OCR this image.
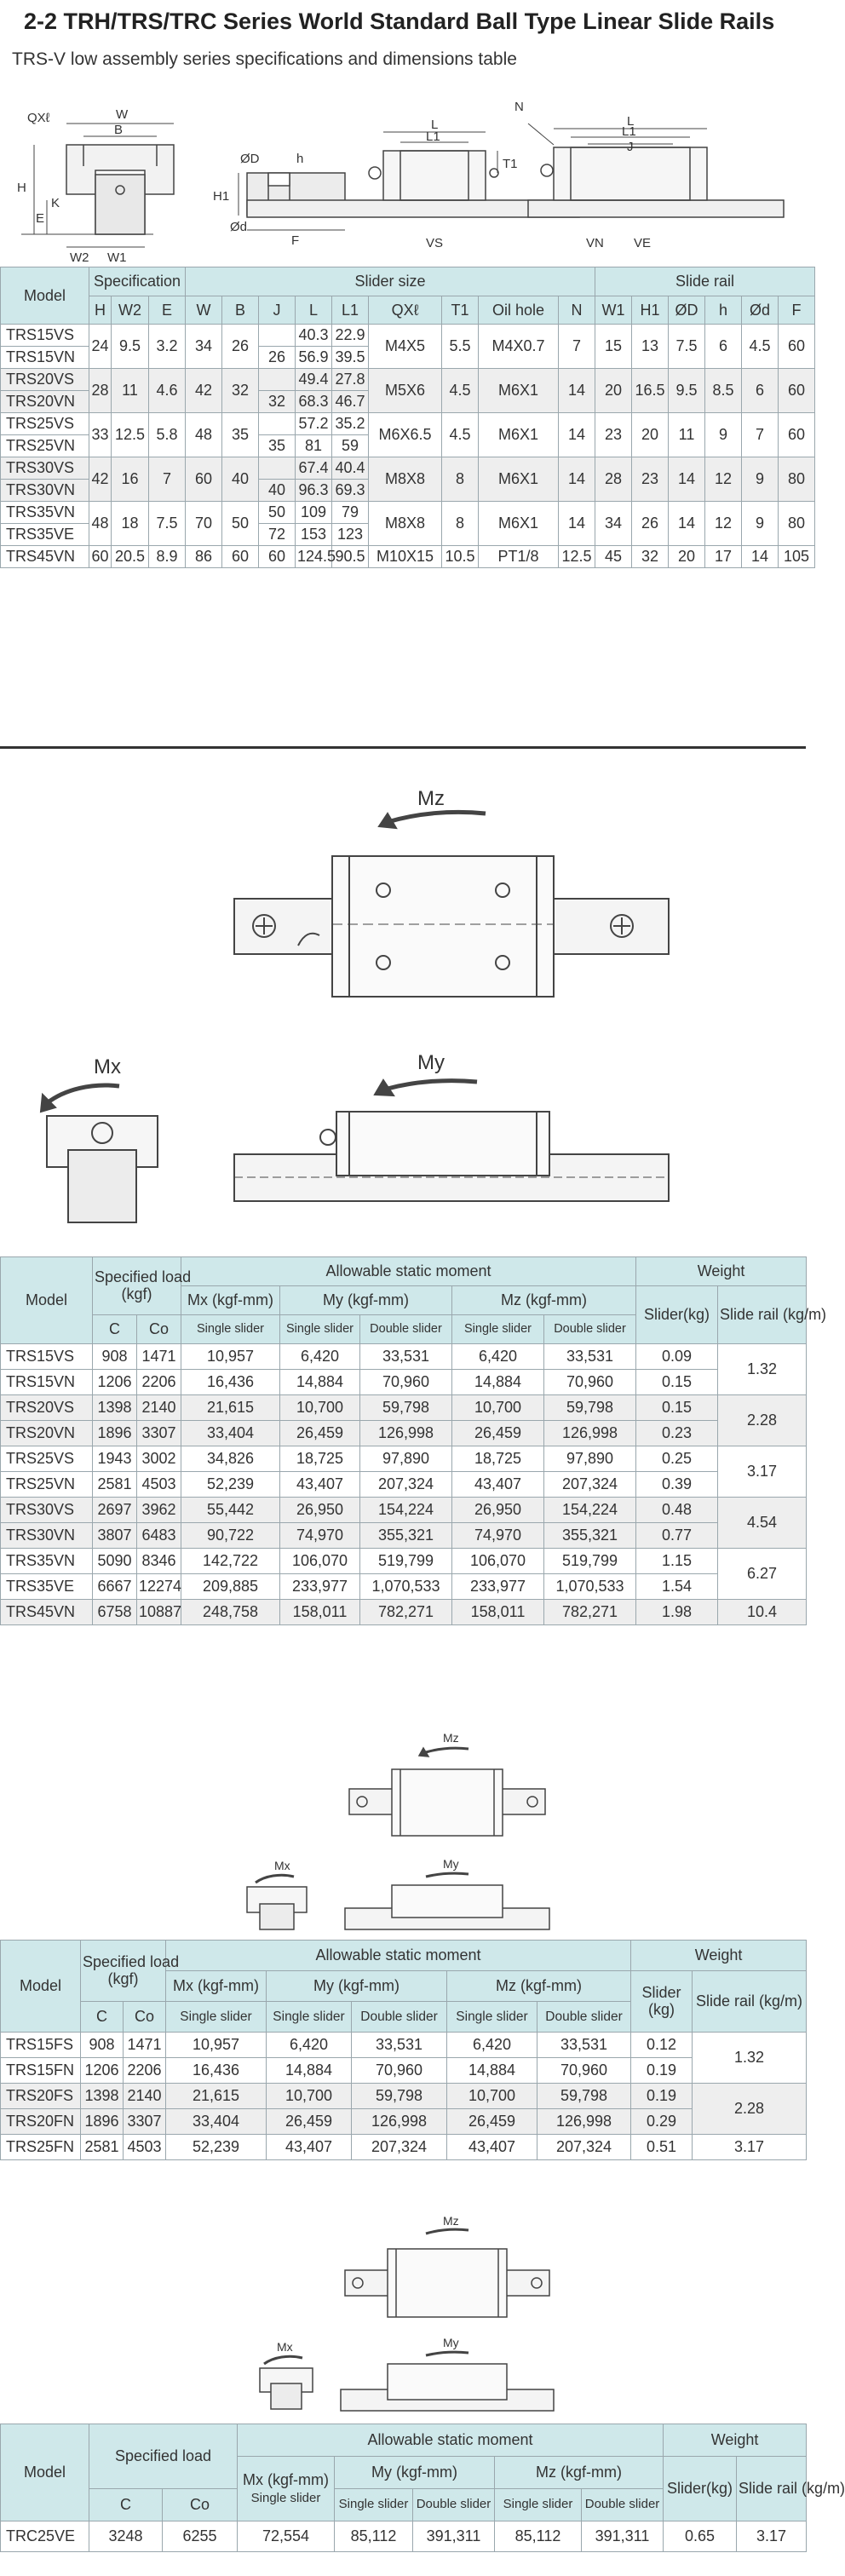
2-2 TRH/TRS/TRC Series World Standard Ball Type Linear Slide Rails
TRS-V low assembly series specifications and dimensions table
QXℓ	W
B
H
K
E
W2 W1
ØD	h
H1
Ød
F
L
L1
T1
VS
N
L
L1
J
VN VE
Model	Specification			Slider size									Slide rail					
	H	W2	E	W	B	J	L	L1	QXℓ	T1	Oil hole	N	W1	H1	ØD	h	Ød	F
TRS15VS	24	9.5	3.2	34	26		40.3	22.9	M4X5	5.5	M4X0.7	7	15	13	7.5	6	4.5	60
TRS15VN						26	56.9	39.5										
TRS20VS	28	11	4.6	42	32		49.4	27.8	M5X6	4.5	M6X1	14	20	16.5	9.5	8.5	6	60
TRS20VN						32	68.3	46.7										
TRS25VS	33	12.5	5.8	48	35		57.2	35.2	M6X6.5	4.5	M6X1	14	23	20	11	9	7	60
TRS25VN						35	81	59										
TRS30VS	42	16	7	60	40		67.4	40.4	M8X8	8	M6X1	14	28	23	14	12	9	80
TRS30VN						40	96.3	69.3										
TRS35VN	48	18	7.5	70	50	50	109	79	M8X8	8	M6X1	14	34	26	14	12	9	80
TRS35VE						72	153	123										
TRS45VN	60	20.5	8.9	86	60	60	124.5	90.5	M10X15	10.5	PT1/8	12.5	45	32	20	17	14	105
Mz
Mx	My
Model	Specified load
(kgf)		Allowable static moment					Weight	
			Mx (kgf-mm)	My (kgf-mm)		Mz (kgf-mm)		Slider(kg)	Slide rail (kg/m)
	C	Co	Single slider	Single slider	Double slider	Single slider	Double slider		
TRS15VS	908	1471	10,957	6,420	33,531	6,420	33,531	0.09	1.32
TRS15VN	1206	2206	16,436	14,884	70,960	14,884	70,960	0.15	
TRS20VS	1398	2140	21,615	10,700	59,798	10,700	59,798	0.15	2.28
TRS20VN	1896	3307	33,404	26,459	126,998	26,459	126,998	0.23	
TRS25VS	1943	3002	34,826	18,725	97,890	18,725	97,890	0.25	3.17
TRS25VN	2581	4503	52,239	43,407	207,324	43,407	207,324	0.39	
TRS30VS	2697	3962	55,442	26,950	154,224	26,950	154,224	0.48	4.54
TRS30VN	3807	6483	90,722	74,970	355,321	74,970	355,321	0.77	
TRS35VN	5090	8346	142,722	106,070	519,799	106,070	519,799	1.15	6.27
TRS35VE	6667	12274	209,885	233,977	1,070,533	233,977	1,070,533	1.54	
TRS45VN	6758	10887	248,758	158,011	782,271	158,011	782,271	1.98	10.4
Mz
Mx	My
Model	Specified load
(kgf)		Allowable static moment					Weight	
			Mx (kgf-mm)	My (kgf-mm)		Mz (kgf-mm)		Slider
(kg)	Slide rail (kg/m)
	C	Co	Single slider	Single slider	Double slider	Single slider	Double slider		
TRS15FS	908	1471	10,957	6,420	33,531	6,420	33,531	0.12	1.32
TRS15FN	1206	2206	16,436	14,884	70,960	14,884	70,960	0.19	
TRS20FS	1398	2140	21,615	10,700	59,798	10,700	59,798	0.19	2.28
TRS20FN	1896	3307	33,404	26,459	126,998	26,459	126,998	0.29	
TRS25FN	2581	4503	52,239	43,407	207,324	43,407	207,324	0.51	3.17
Mz
Mx	My
Model	Specified load		Allowable static moment					Weight	
			Mx (kgf-mm)
Single slider	My (kgf-mm)		Mz (kgf-mm)		Slider(kg)	Slide rail (kg/m)
	C	Co		Single slider	Double slider	Single slider	Double slider		
TRC25VE	3248	6255	72,554	85,112	391,311	85,112	391,311	0.65	3.17
